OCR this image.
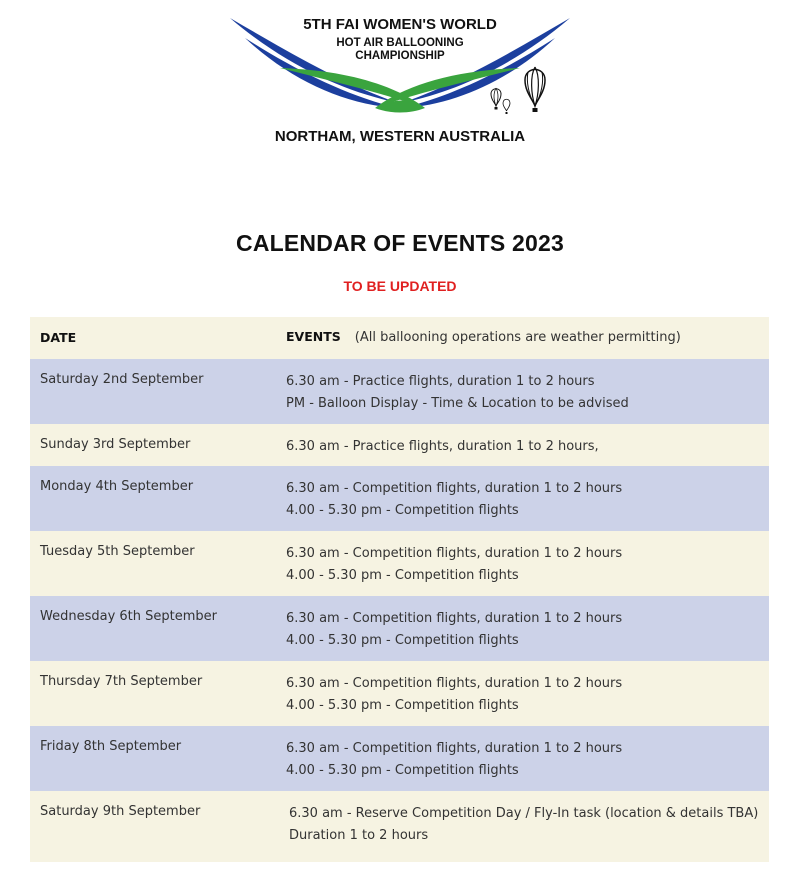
5TH FAI WOMEN'S WORLD
HOT AIR BALLOONING
CHAMPIONSHIP
NORTHAM, WESTERN AUSTRALIA
CALENDAR OF EVENTS 2023
TO BE UPDATED
DATE	EVENTS (All ballooning operations are weather permitting)
Saturday 2nd September	6.30 am - Practice flights, duration 1 to 2 hours
PM - Balloon Display - Time & Location to be advised
Sunday 3rd September	6.30 am - Practice flights, duration 1 to 2 hours,
Monday 4th September	6.30 am - Competition flights, duration 1 to 2 hours
4.00 - 5.30 pm - Competition flights
Tuesday 5th September	6.30 am - Competition flights, duration 1 to 2 hours
4.00 - 5.30 pm - Competition flights
Wednesday 6th September	6.30 am - Competition flights, duration 1 to 2 hours
4.00 - 5.30 pm - Competition flights
Thursday 7th September	6.30 am - Competition flights, duration 1 to 2 hours
4.00 - 5.30 pm - Competition flights
Friday 8th September	6.30 am - Competition flights, duration 1 to 2 hours
4.00 - 5.30 pm - Competition flights
Saturday 9th September	6.30 am - Reserve Competition Day / Fly-In task (location & details TBA)
Duration 1 to 2 hours
